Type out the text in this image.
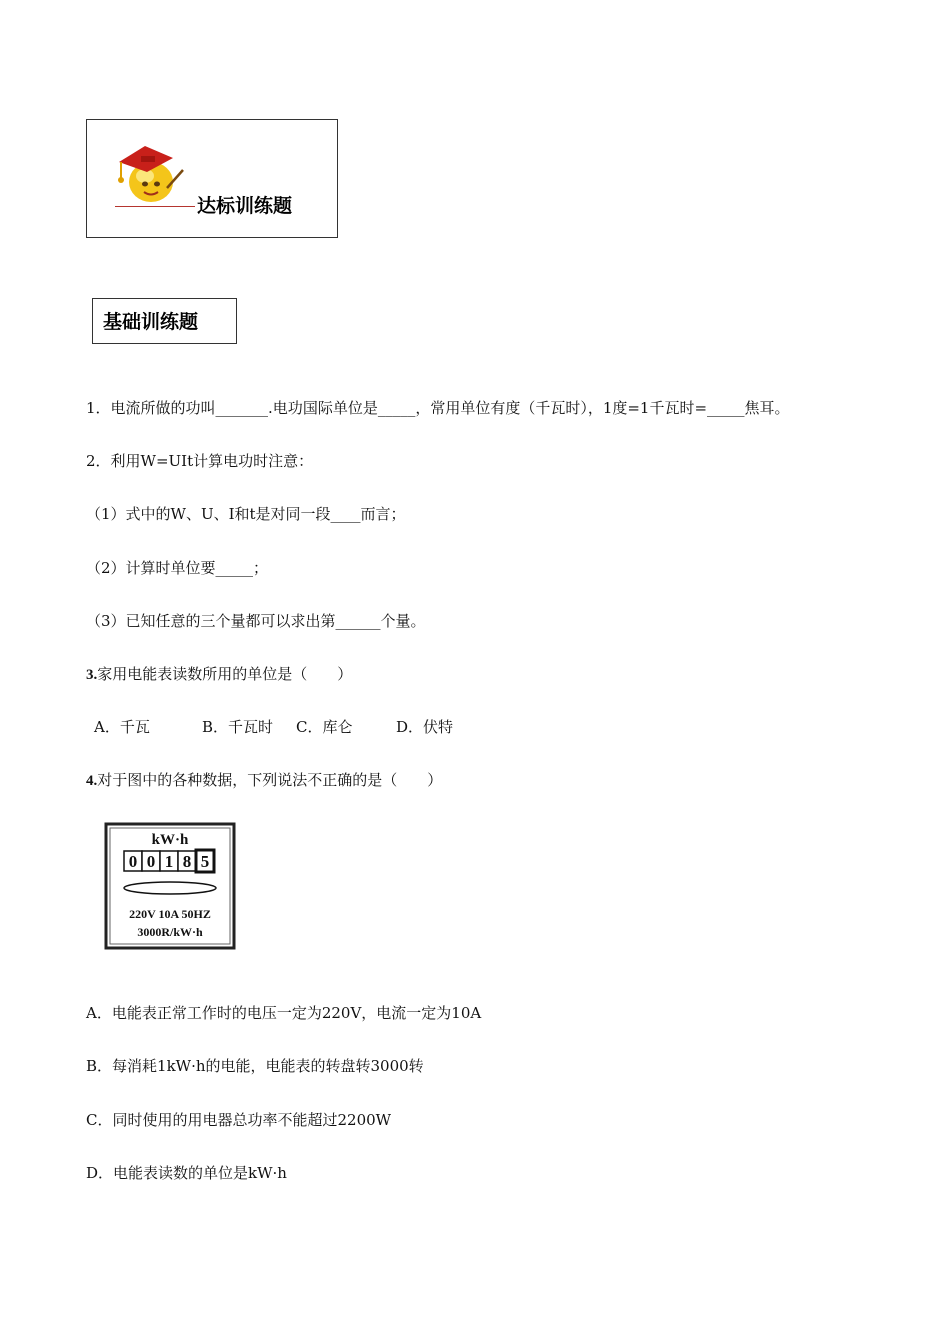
达标训练题
基础训练题
1．电流所做的功叫_______.电功国际单位是_____，常用单位有度（千瓦时），1度=1千瓦时=_____焦耳。
2．利用W=UIt计算电功时注意：
（1）式中的W、U、I和t是对同一段____而言；
（2）计算时单位要_____；
（3）已知任意的三个量都可以求出第______个量。
3.家用电能表读数所用的单位是（　　）
A．千瓦	B．千瓦时 C．库仑	D．伏特
4.对于图中的各种数据，下列说法不正确的是（　　）
kW·h
0 0 1 8 5
220V 10A 50HZ
3000R/kW·h
A．电能表正常工作时的电压一定为220V，电流一定为10A
B．每消耗1kW·h的电能，电能表的转盘转3000转
C．同时使用的用电器总功率不能超过2200W
D．电能表读数的单位是kW·h
